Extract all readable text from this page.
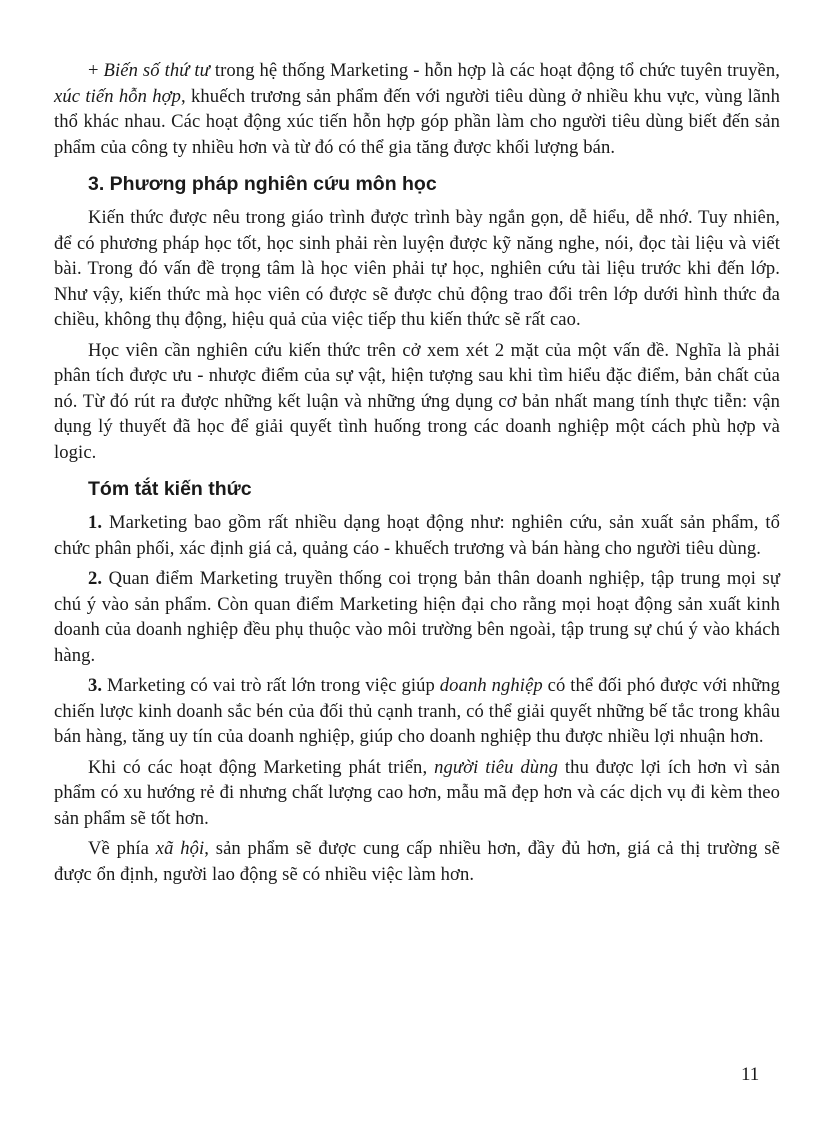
+ Biến số thứ tư trong hệ thống Marketing - hỗn hợp là các hoạt động tổ chức tuyên truyền, xúc tiến hỗn hợp, khuếch trương sản phẩm đến với người tiêu dùng ở nhiều khu vực, vùng lãnh thổ khác nhau. Các hoạt động xúc tiến hỗn hợp góp phần làm cho người tiêu dùng biết đến sản phẩm của công ty nhiều hơn và từ đó có thể gia tăng được khối lượng bán.

3. Phương pháp nghiên cứu môn học

Kiến thức được nêu trong giáo trình được trình bày ngắn gọn, dễ hiểu, dễ nhớ. Tuy nhiên, để có phương pháp học tốt, học sinh phải rèn luyện được kỹ năng nghe, nói, đọc tài liệu và viết bài. Trong đó vấn đề trọng tâm là học viên phải tự học, nghiên cứu tài liệu trước khi đến lớp. Như vậy, kiến thức mà học viên có được sẽ được chủ động trao đổi trên lớp dưới hình thức đa chiều, không thụ động, hiệu quả của việc tiếp thu kiến thức sẽ rất cao.

Học viên cần nghiên cứu kiến thức trên cở xem xét 2 mặt của một vấn đề. Nghĩa là phải phân tích được ưu - nhược điểm của sự vật, hiện tượng sau khi tìm hiểu đặc điểm, bản chất của nó. Từ đó rút ra được những kết luận và những ứng dụng cơ bản nhất mang tính thực tiễn: vận dụng lý thuyết đã học để giải quyết tình huống trong các doanh nghiệp một cách phù hợp và logic.

Tóm tắt kiến thức

1. Marketing bao gồm rất nhiều dạng hoạt động như: nghiên cứu, sản xuất sản phẩm, tổ chức phân phối, xác định giá cả, quảng cáo - khuếch trương và bán hàng cho người tiêu dùng.

2. Quan điểm Marketing truyền thống coi trọng bản thân doanh nghiệp, tập trung mọi sự chú ý vào sản phẩm. Còn quan điểm Marketing hiện đại cho rằng mọi hoạt động sản xuất kinh doanh của doanh nghiệp đều phụ thuộc vào môi trường bên ngoài, tập trung sự chú ý vào khách hàng.

3. Marketing có vai trò rất lớn trong việc giúp doanh nghiệp có thể đối phó được với những chiến lược kinh doanh sắc bén của đối thủ cạnh tranh, có thể giải quyết những bế tắc trong khâu bán hàng, tăng uy tín của doanh nghiệp, giúp cho doanh nghiệp thu được nhiều lợi nhuận hơn.

Khi có các hoạt động Marketing phát triển, người tiêu dùng thu được lợi ích hơn vì sản phẩm có xu hướng rẻ đi nhưng chất lượng cao hơn, mẫu mã đẹp hơn và các dịch vụ đi kèm theo sản phẩm sẽ tốt hơn.

Về phía xã hội, sản phẩm sẽ được cung cấp nhiều hơn, đầy đủ hơn, giá cả thị trường sẽ được ổn định, người lao động sẽ có nhiều việc làm hơn.

11
